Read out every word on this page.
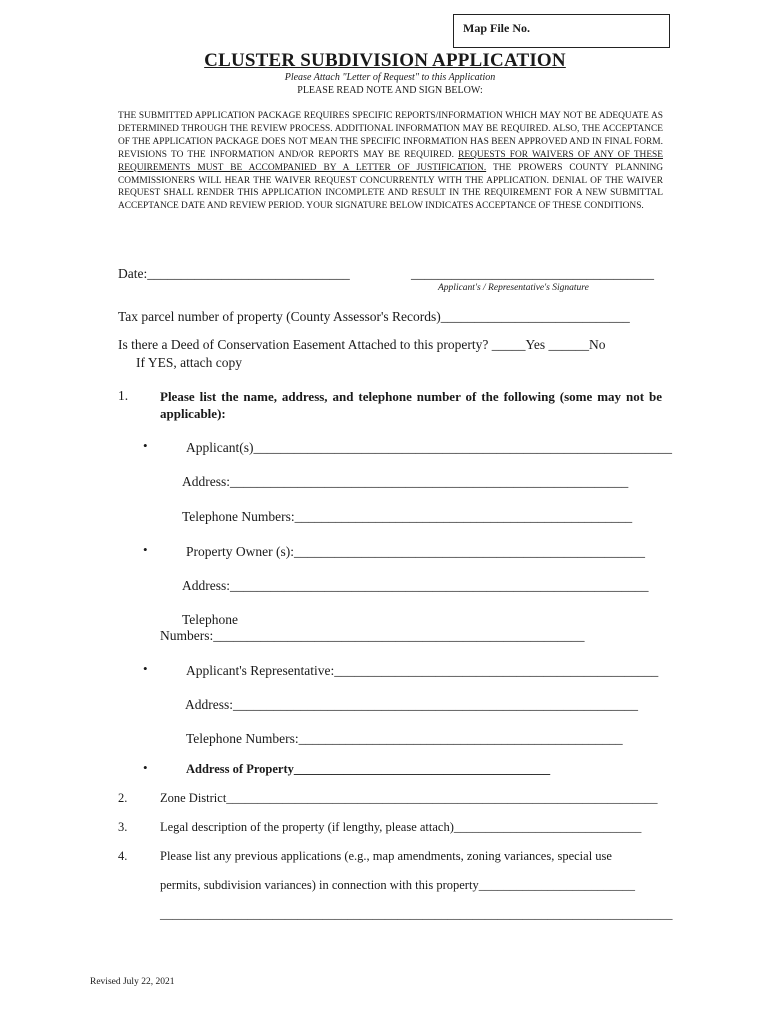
Map File No.
CLUSTER SUBDIVISION APPLICATION
Please Attach "Letter of Request" to this Application
PLEASE READ NOTE AND SIGN BELOW:
THE SUBMITTED APPLICATION PACKAGE REQUIRES SPECIFIC REPORTS/INFORMATION WHICH MAY NOT BE ADEQUATE AS DETERMINED THROUGH THE REVIEW PROCESS. ADDITIONAL INFORMATION MAY BE REQUIRED. ALSO, THE ACCEPTANCE OF THE APPLICATION PACKAGE DOES NOT MEAN THE SPECIFIC INFORMATION HAS BEEN APPROVED AND IN FINAL FORM. REVISIONS TO THE INFORMATION AND/OR REPORTS MAY BE REQUIRED. REQUESTS FOR WAIVERS OF ANY OF THESE REQUIREMENTS MUST BE ACCOMPANIED BY A LETTER OF JUSTIFICATION. THE PROWERS COUNTY PLANNING COMMISSIONERS WILL HEAR THE WAIVER REQUEST CONCURRENTLY WITH THE APPLICATION. DENIAL OF THE WAIVER REQUEST SHALL RENDER THIS APPLICATION INCOMPLETE AND RESULT IN THE REQUIREMENT FOR A NEW SUBMITTAL ACCEPTANCE DATE AND REVIEW PERIOD. YOUR SIGNATURE BELOW INDICATES ACCEPTANCE OF THESE CONDITIONS.
Date:______________________________	____________________________________
Applicant's / Representative's Signature
Tax parcel number of property (County Assessor's Records)____________________________
Is there a Deed of Conservation Easement Attached to this property? _____Yes ______No
If YES, attach copy
1. Please list the name, address, and telephone number of the following (some may not be applicable):
•	Applicant(s)______________________________________________________________
Address:___________________________________________________________
Telephone Numbers:__________________________________________________
•	Property Owner (s):____________________________________________________
Address:______________________________________________________________
Telephone
Numbers:_______________________________________________________
•	Applicant's Representative:________________________________________________
Address:____________________________________________________________
Telephone Numbers:________________________________________________
•	Address of Property_________________________________________
2.	Zone District_____________________________________________________________________
3.	Legal description of the property (if lengthy, please attach)______________________________
4.	Please list any previous applications (e.g., map amendments, zoning variances, special use
permits, subdivision variances) in connection with this property_________________________
__________________________________________________________________________________
Revised July 22, 2021
